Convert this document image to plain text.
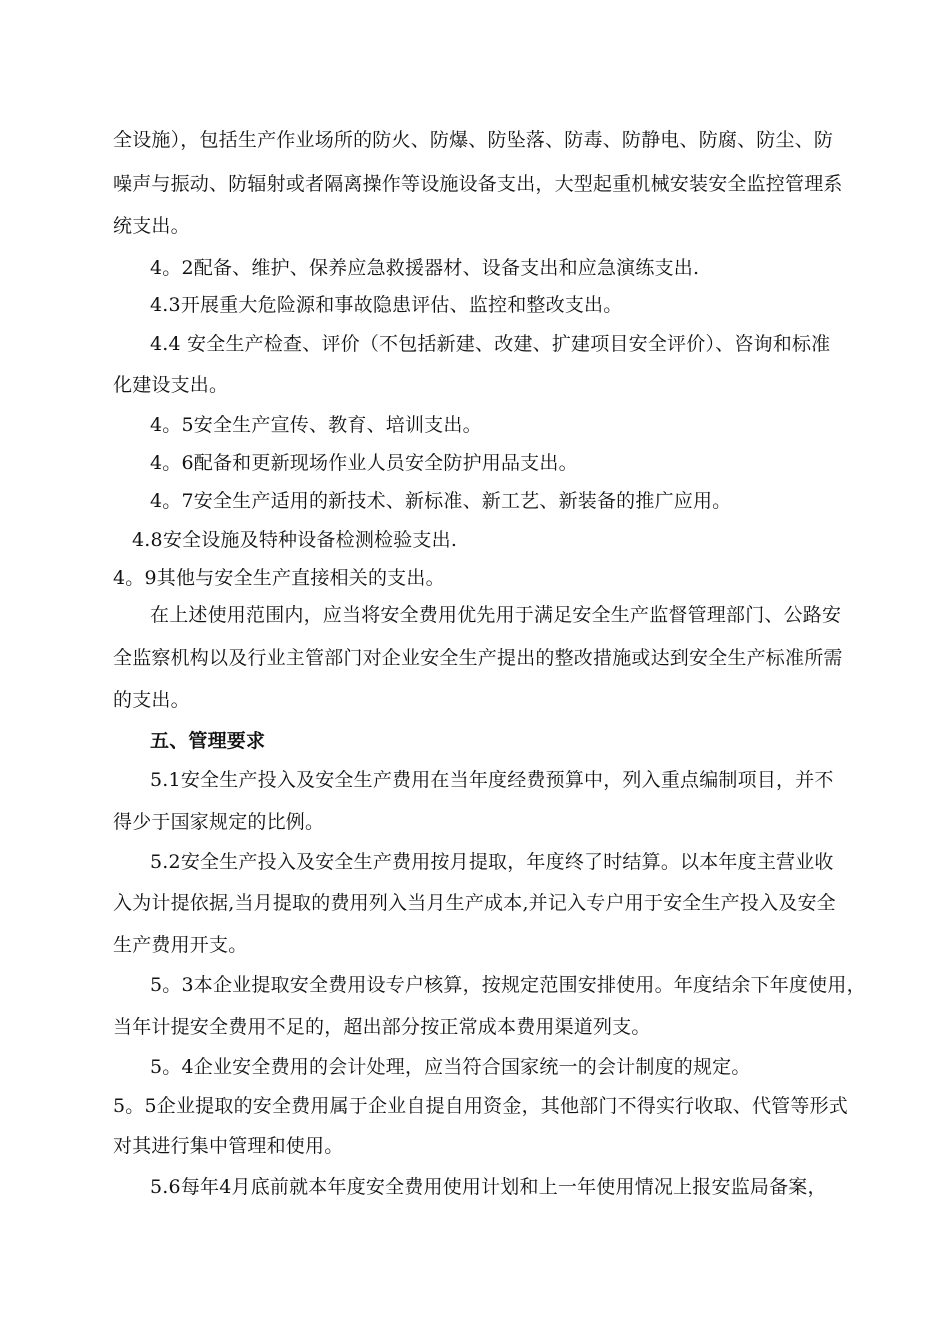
全设施），包括生产作业场所的防火、防爆、防坠落、防毒、防静电、防腐、防尘、防
噪声与振动、防辐射或者隔离操作等设施设备支出，大型起重机械安装安全监控管理系
统支出。
4。2配备、维护、保养应急救援器材、设备支出和应急演练支出.
4.3开展重大危险源和事故隐患评估、监控和整改支出。
4.4 安全生产检查、评价（不包括新建、改建、扩建项目安全评价）、咨询和标准
化建设支出。
4。5安全生产宣传、教育、培训支出。
4。6配备和更新现场作业人员安全防护用品支出。
4。7安全生产适用的新技术、新标准、新工艺、新装备的推广应用。
4.8安全设施及特种设备检测检验支出.
4。9其他与安全生产直接相关的支出。
在上述使用范围内，应当将安全费用优先用于满足安全生产监督管理部门、公路安
全监察机构以及行业主管部门对企业安全生产提出的整改措施或达到安全生产标准所需
的支出。
五、管理要求
5.1安全生产投入及安全生产费用在当年度经费预算中，列入重点编制项目，并不
得少于国家规定的比例。
5.2安全生产投入及安全生产费用按月提取，年度终了时结算。以本年度主营业收
入为计提依据,当月提取的费用列入当月生产成本,并记入专户用于安全生产投入及安全
生产费用开支。
5。3本企业提取安全费用设专户核算，按规定范围安排使用。年度结余下年度使用，
当年计提安全费用不足的，超出部分按正常成本费用渠道列支。
5。4企业安全费用的会计处理，应当符合国家统一的会计制度的规定。
5。5企业提取的安全费用属于企业自提自用资金，其他部门不得实行收取、代管等形式
对其进行集中管理和使用。
5.6每年4月底前就本年度安全费用使用计划和上一年使用情况上报安监局备案，
